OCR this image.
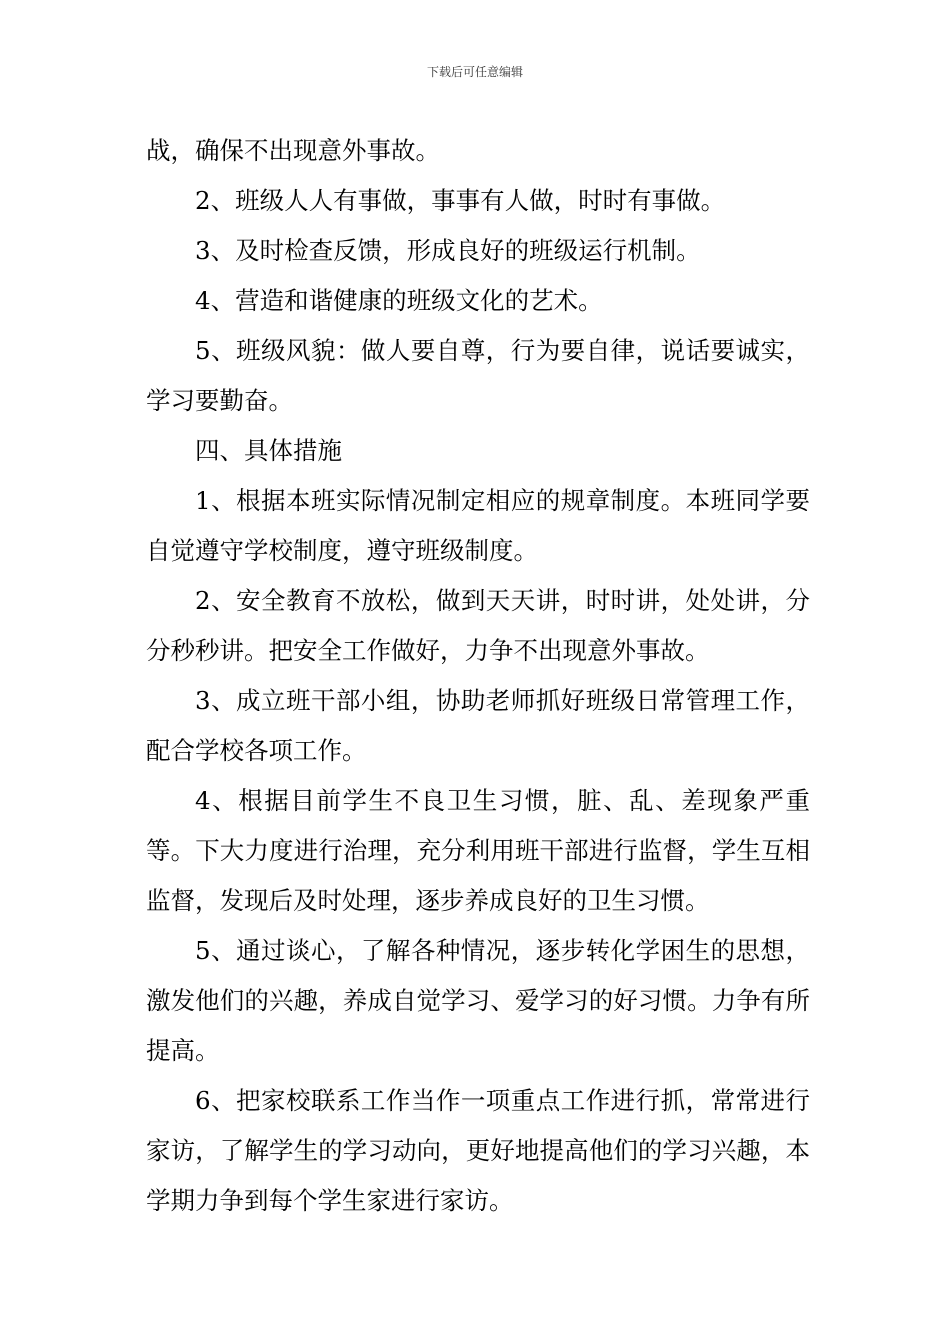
下载后可任意编辑

战，确保不出现意外事故。

2、班级人人有事做，事事有人做，时时有事做。

3、及时检查反馈，形成良好的班级运行机制。

4、营造和谐健康的班级文化的艺术。

5、班级风貌：做人要自尊，行为要自律，说话要诚实，学习要勤奋。

四、具体措施

1、根据本班实际情况制定相应的规章制度。本班同学要自觉遵守学校制度，遵守班级制度。

2、安全教育不放松，做到天天讲，时时讲，处处讲，分分秒秒讲。把安全工作做好，力争不出现意外事故。

3、成立班干部小组，协助老师抓好班级日常管理工作，配合学校各项工作。

4、根据目前学生不良卫生习惯，脏、乱、差现象严重等。下大力度进行治理，充分利用班干部进行监督，学生互相监督，发现后及时处理，逐步养成良好的卫生习惯。

5、通过谈心，了解各种情况，逐步转化学困生的思想，激发他们的兴趣，养成自觉学习、爱学习的好习惯。力争有所提高。

6、把家校联系工作当作一项重点工作进行抓，常常进行家访，了解学生的学习动向，更好地提高他们的学习兴趣，本学期力争到每个学生家进行家访。
